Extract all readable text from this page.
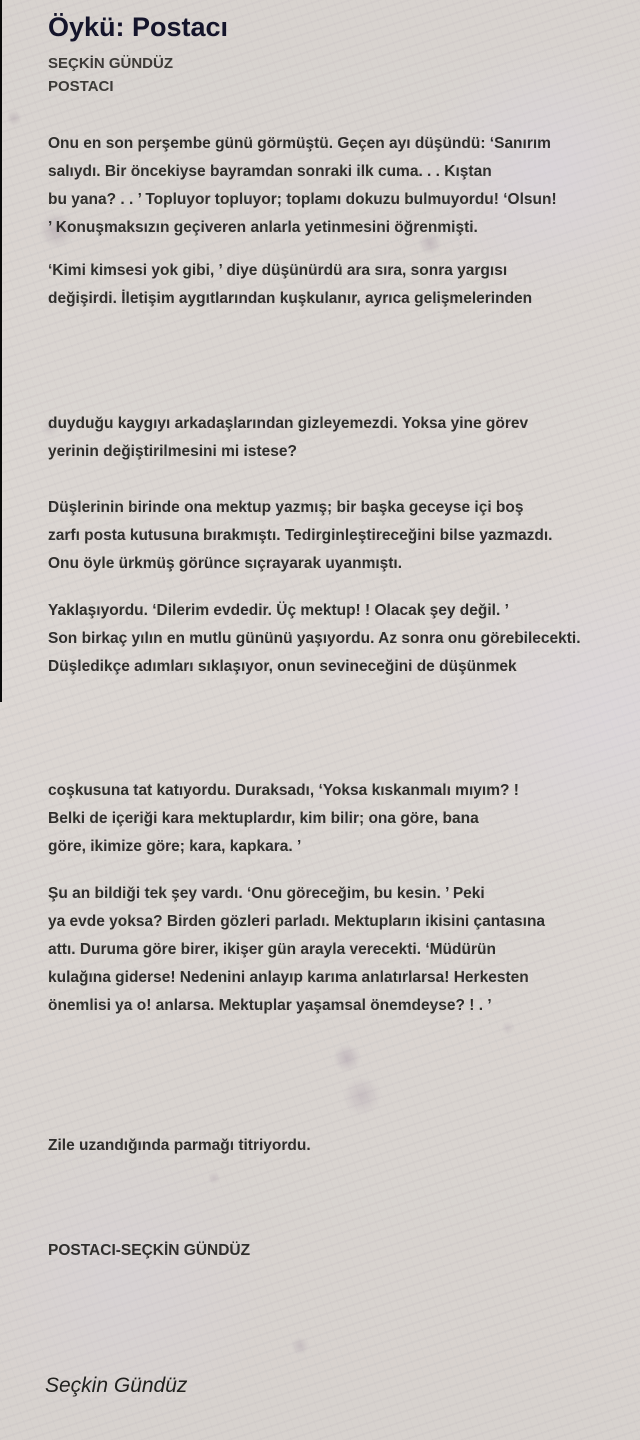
Öykü: Postacı
SEÇKİN GÜNDÜZ
POSTACI
Onu en son perşembe günü görmüştü. Geçen ayı düşündü: ‘Sanırım
salıydı. Bir öncekiyse bayramdan sonraki ilk cuma. . . Kıştan
bu yana? . . ’ Topluyor topluyor; toplamı dokuzu bulmuyordu! ‘Olsun!
’ Konuşmaksızın geçiveren anlarla yetinmesini öğrenmişti.
‘Kimi kimsesi yok gibi, ’ diye düşünürdü ara sıra, sonra yargısı
değişirdi. İletişim aygıtlarından kuşkulanır, ayrıca gelişmelerinden
duyduğu kaygıyı arkadaşlarından gizleyemezdi. Yoksa yine görev
yerinin değiştirilmesini mi istese?
Düşlerinin birinde ona mektup yazmış; bir başka geceyse içi boş
zarfı posta kutusuna bırakmıştı. Tedirginleştireceğini bilse yazmazdı.
Onu öyle ürkmüş görünce sıçrayarak uyanmıştı.
Yaklaşıyordu. ‘Dilerim evdedir. Üç mektup! ! Olacak şey değil. ’
Son birkaç yılın en mutlu gününü yaşıyordu. Az sonra onu görebilecekti.
Düşledikçe adımları sıklaşıyor, onun sevineceğini de düşünmek
coşkusuna tat katıyordu. Duraksadı, ‘Yoksa kıskanmalı mıyım? !
Belki de içeriği kara mektuplardır, kim bilir; ona göre, bana
göre, ikimize göre; kara, kapkara. ’
Şu an bildiği tek şey vardı. ‘Onu göreceğim, bu kesin. ’ Peki
ya evde yoksa? Birden gözleri parladı. Mektupların ikisini çantasına
attı. Duruma göre birer, ikişer gün arayla verecekti. ‘Müdürün
kulağına giderse! Nedenini anlayıp karıma anlatırlarsa! Herkesten
önemlisi ya o! anlarsa. Mektuplar yaşamsal önemdeyse? ! . ’
Zile uzandığında parmağı titriyordu.
POSTACI-SEÇKİN GÜNDÜZ
Seçkin Gündüz
